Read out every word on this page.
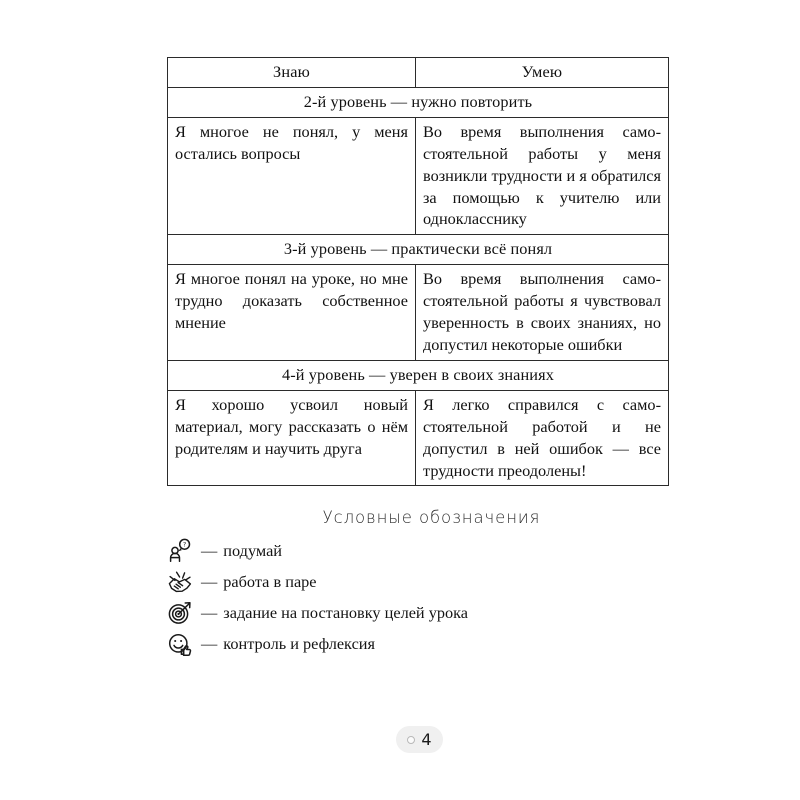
Знаю	Умею
2-й уровень — нужно повторить	
Я многое не понял, у меня остались вопросы	Во время выполнения самостоятельной работы у меня возникли трудности и я обратился за помощью к учителю или однокласснику
3-й уровень — практически всё понял	
Я многое понял на уроке, но мне трудно доказать собственное мнение	Во время выполнения самостоятельной работы я чувствовал уверенность в своих знаниях, но допустил некоторые ошибки
4-й уровень — уверен в своих знаниях	
Я хорошо усвоил новый материал, могу рассказать о нём родителям и научить друга	Я легко справился с самостоятельной работой и не допустил в ней ошибок — все трудности преодолены!
Условные обозначения
? — подумай
— работа в паре
— задание на постановку целей урока
— контроль и рефлексия
4
